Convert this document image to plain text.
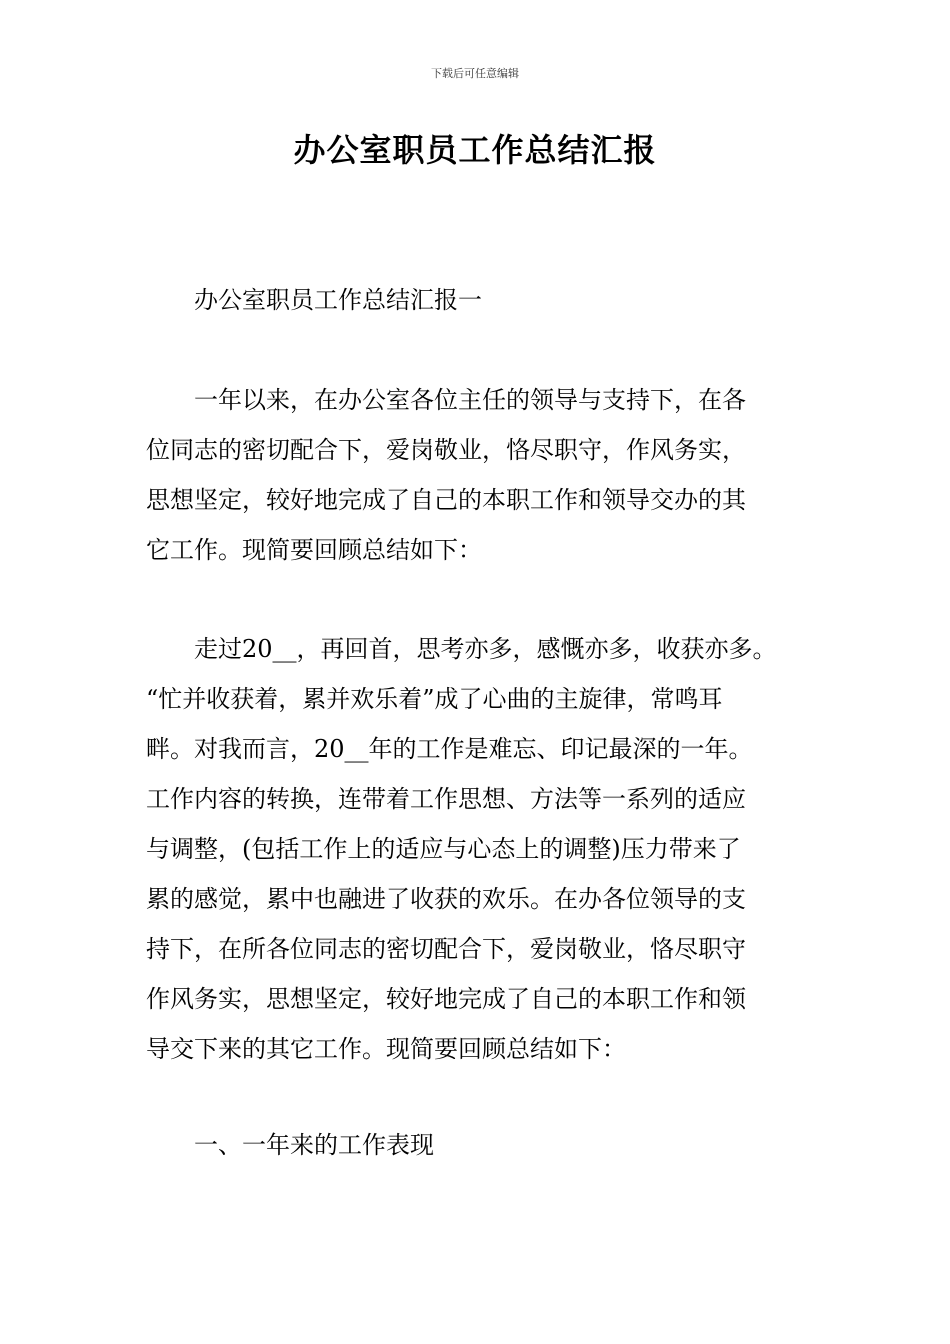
下载后可任意编辑
办公室职员工作总结汇报

办公室职员工作总结汇报一

一年以来，在办公室各位主任的领导与支持下，在各
位同志的密切配合下，爱岗敬业，恪尽职守，作风务实，
思想坚定，较好地完成了自己的本职工作和领导交办的其
它工作。现简要回顾总结如下：

走过20__，再回首，思考亦多，感慨亦多，收获亦多。
“忙并收获着，累并欢乐着”成了心曲的主旋律，常鸣耳
畔。对我而言，20__年的工作是难忘、印记最深的一年。
工作内容的转换，连带着工作思想、方法等一系列的适应
与调整，(包括工作上的适应与心态上的调整)压力带来了
累的感觉，累中也融进了收获的欢乐。在办各位领导的支
持下，在所各位同志的密切配合下，爱岗敬业，恪尽职守
作风务实，思想坚定，较好地完成了自己的本职工作和领
导交下来的其它工作。现简要回顾总结如下：

一、一年来的工作表现
